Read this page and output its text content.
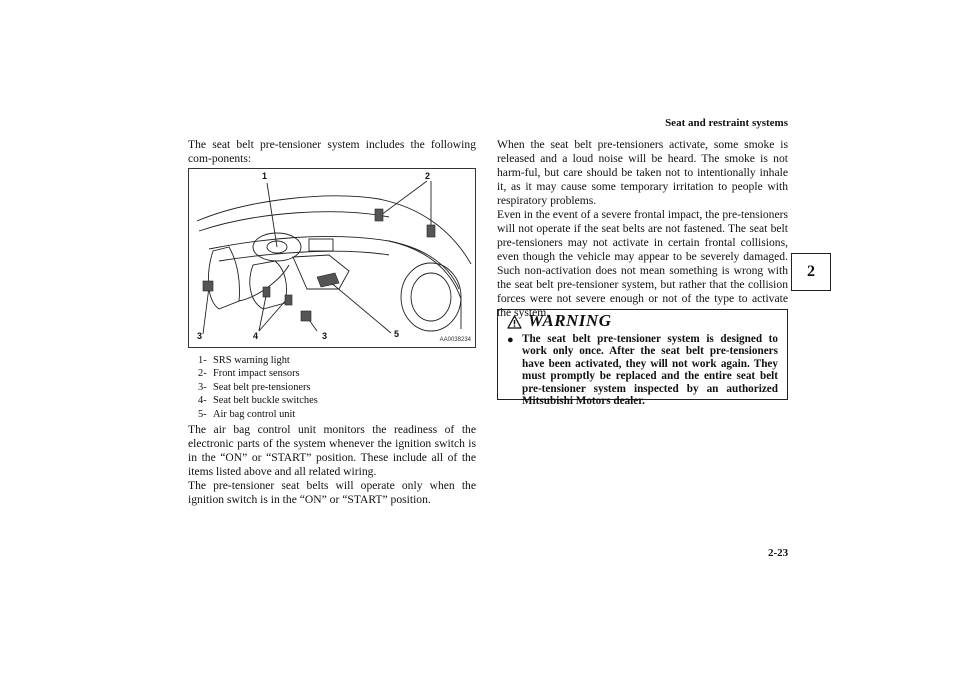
Seat and restraint systems
2

The seat belt pre-tensioner system includes the following com-ponents:

1	2
3	4	3	5
AA0038234
1- SRS warning light
2- Front impact sensors
3- Seat belt pre-tensioners
4- Seat belt buckle switches
5- Air bag control unit

The air bag control unit monitors the readiness of the electronic parts of the system whenever the ignition switch is in the “ON” or “START” position. These include all of the items listed above and all related wiring.

The pre-tensioner seat belts will operate only when the ignition switch is in the “ON” or “START” position.

When the seat belt pre-tensioners activate, some smoke is released and a loud noise will be heard. The smoke is not harm-ful, but care should be taken not to intentionally inhale it, as it may cause some temporary irritation to people with respiratory problems.

Even in the event of a severe frontal impact, the pre-tensioners will not operate if the seat belts are not fastened. The seat belt pre-tensioners may not activate in certain frontal collisions, even though the vehicle may appear to be severely damaged. Such non-activation does not mean something is wrong with the seat belt pre-tensioner system, but rather that the collision forces were not severe enough or not of the type to activate the system.

WARNING
● The seat belt pre-tensioner system is designed to work only once. After the seat belt pre-tensioners have been activated, they will not work again. They must promptly be replaced and the entire seat belt pre-tensioner system inspected by an authorized Mitsubishi Motors dealer.
2-23
